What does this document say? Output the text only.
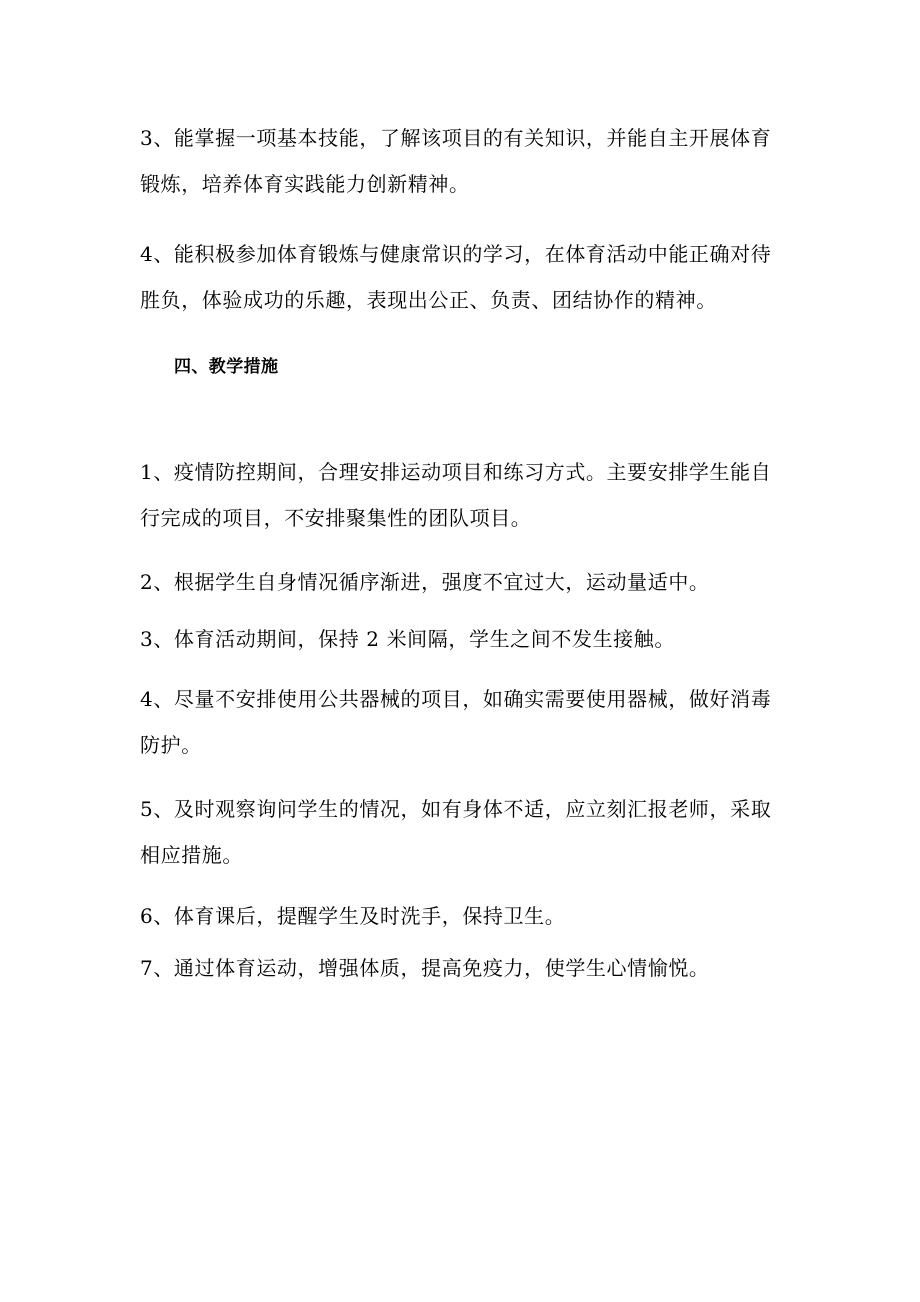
3、能掌握一项基本技能，了解该项目的有关知识，并能自主开展体育锻炼，培养体育实践能力创新精神。

4、能积极参加体育锻炼与健康常识的学习，在体育活动中能正确对待胜负，体验成功的乐趣，表现出公正、负责、团结协作的精神。

四、教学措施

1、疫情防控期间，合理安排运动项目和练习方式。主要安排学生能自行完成的项目，不安排聚集性的团队项目。

2、根据学生自身情况循序渐进，强度不宜过大，运动量适中。

3、体育活动期间，保持 2 米间隔，学生之间不发生接触。

4、尽量不安排使用公共器械的项目，如确实需要使用器械，做好消毒防护。

5、及时观察询问学生的情况，如有身体不适，应立刻汇报老师，采取相应措施。

6、体育课后，提醒学生及时洗手，保持卫生。

7、通过体育运动，增强体质，提高免疫力，使学生心情愉悦。
